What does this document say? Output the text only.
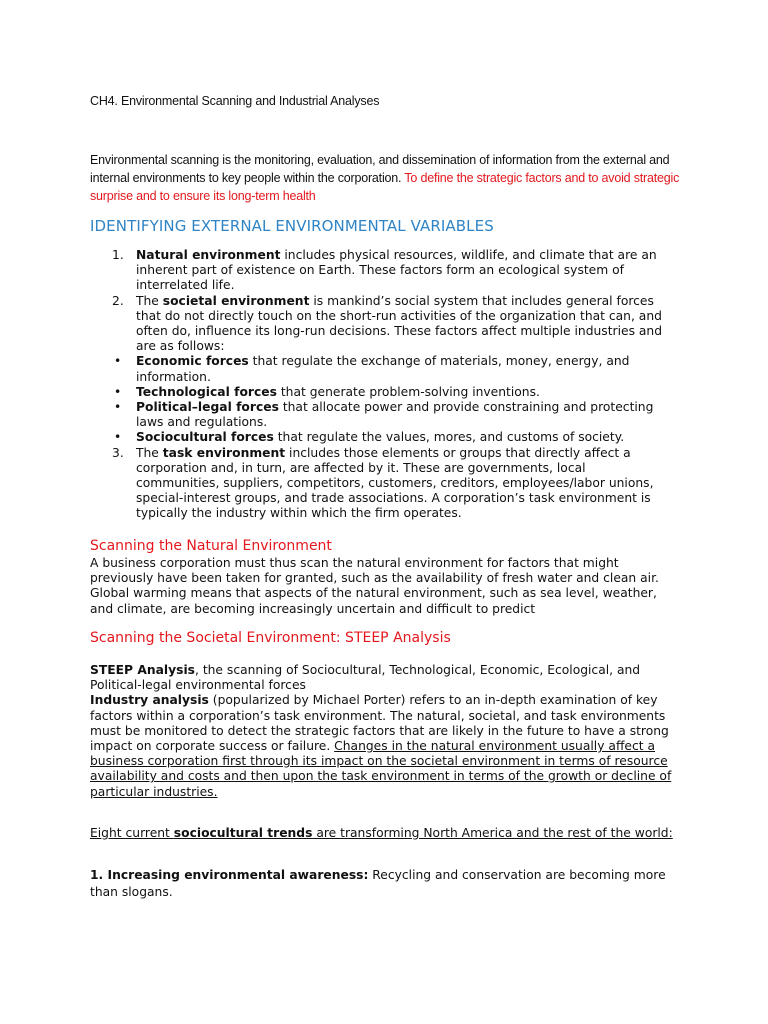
CH4. Environmental Scanning and Industrial Analyses
Environmental scanning is the monitoring, evaluation, and dissemination of information from the external and internal environments to key people within the corporation. To define the strategic factors and to avoid strategic surprise and to ensure its long-term health
IDENTIFYING EXTERNAL ENVIRONMENTAL VARIABLES
1. Natural environment includes physical resources, wildlife, and climate that are an inherent part of existence on Earth. These factors form an ecological system of interrelated life.
2. The societal environment is mankind’s social system that includes general forces that do not directly touch on the short-run activities of the organization that can, and often do, influence its long-run decisions. These factors affect multiple industries and are as follows:
•	Economic forces that regulate the exchange of materials, money, energy, and information.
•	Technological forces that generate problem-solving inventions.
•	Political–legal forces that allocate power and provide constraining and protecting laws and regulations.
•	Sociocultural forces that regulate the values, mores, and customs of society.
3. The task environment includes those elements or groups that directly affect a corporation and, in turn, are affected by it. These are governments, local communities, suppliers, competitors, customers, creditors, employees/labor unions, special-interest groups, and trade associations. A corporation’s task environment is typically the industry within which the firm operates.
Scanning the Natural Environment
A business corporation must thus scan the natural environment for factors that might previously have been taken for granted, such as the availability of fresh water and clean air. Global warming means that aspects of the natural environment, such as sea level, weather, and climate, are becoming increasingly uncertain and difficult to predict
Scanning the Societal Environment: STEEP Analysis
STEEP Analysis, the scanning of Sociocultural, Technological, Economic, Ecological, and Political-legal environmental forces
Industry analysis (popularized by Michael Porter) refers to an in-depth examination of key factors within a corporation’s task environment. The natural, societal, and task environments must be monitored to detect the strategic factors that are likely in the future to have a strong impact on corporate success or failure. Changes in the natural environment usually affect a business corporation first through its impact on the societal environment in terms of resource availability and costs and then upon the task environment in terms of the growth or decline of
particular industries.
Eight current sociocultural trends are transforming North America and the rest of the world:
1. Increasing environmental awareness: Recycling and conservation are becoming more than slogans.
